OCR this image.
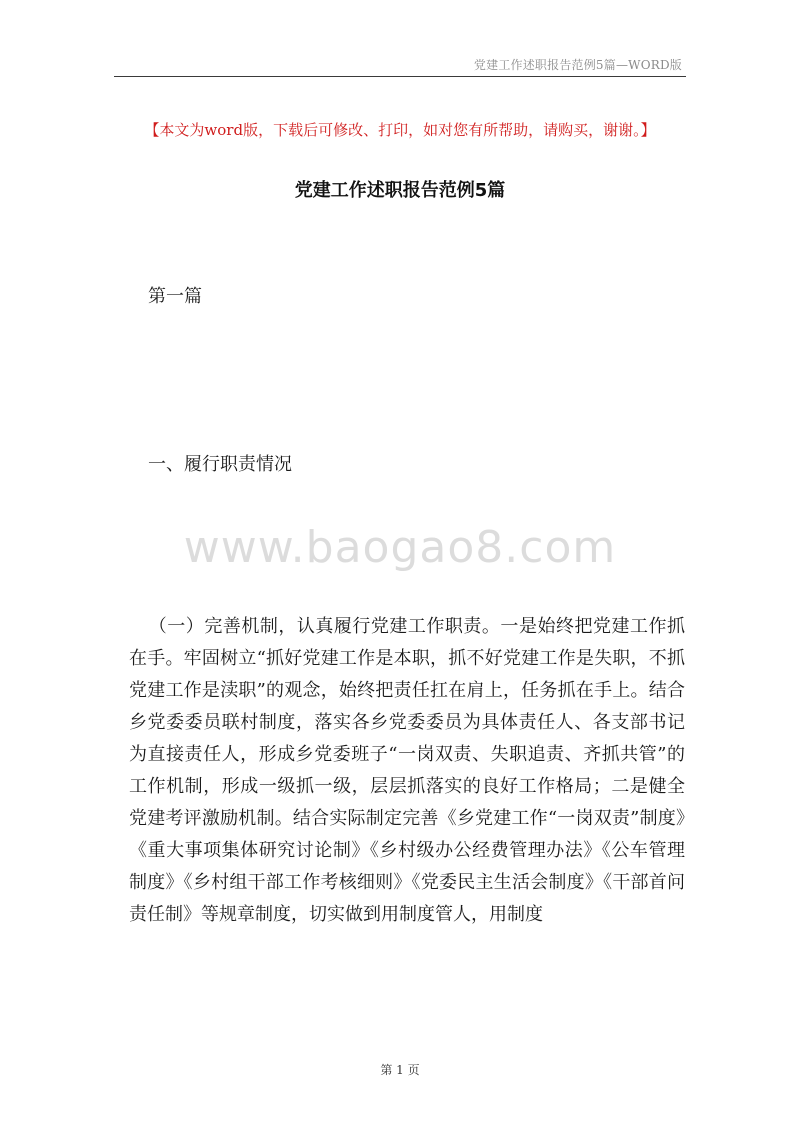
党建工作述职报告范例5篇—WORD版
【本文为word版，下载后可修改、打印，如对您有所帮助，请购买，谢谢。】
党建工作述职报告范例5篇
第一篇
一、履行职责情况
www.baogao8.com

（一）完善机制，认真履行党建工作职责。一是始终把党建工作抓在手。牢固树立“抓好党建工作是本职，抓不好党建工作是失职，不抓党建工作是渎职”的观念，始终把责任扛在肩上，任务抓在手上。结合乡党委委员联村制度，落实各乡党委委员为具体责任人、各支部书记为直接责任人，形成乡党委班子“一岗双责、失职追责、齐抓共管”的工作机制，形成一级抓一级，层层抓落实的良好工作格局；二是健全党建考评激励机制。结合实际制定完善《乡党建工作“一岗双责”制度》《重大事项集体研究讨论制》《乡村级办公经费管理办法》《公车管理制度》《乡村组干部工作考核细则》《党委民主生活会制度》《干部首问责任制》等规章制度，切实做到用制度管人，用制度

第 1 页
